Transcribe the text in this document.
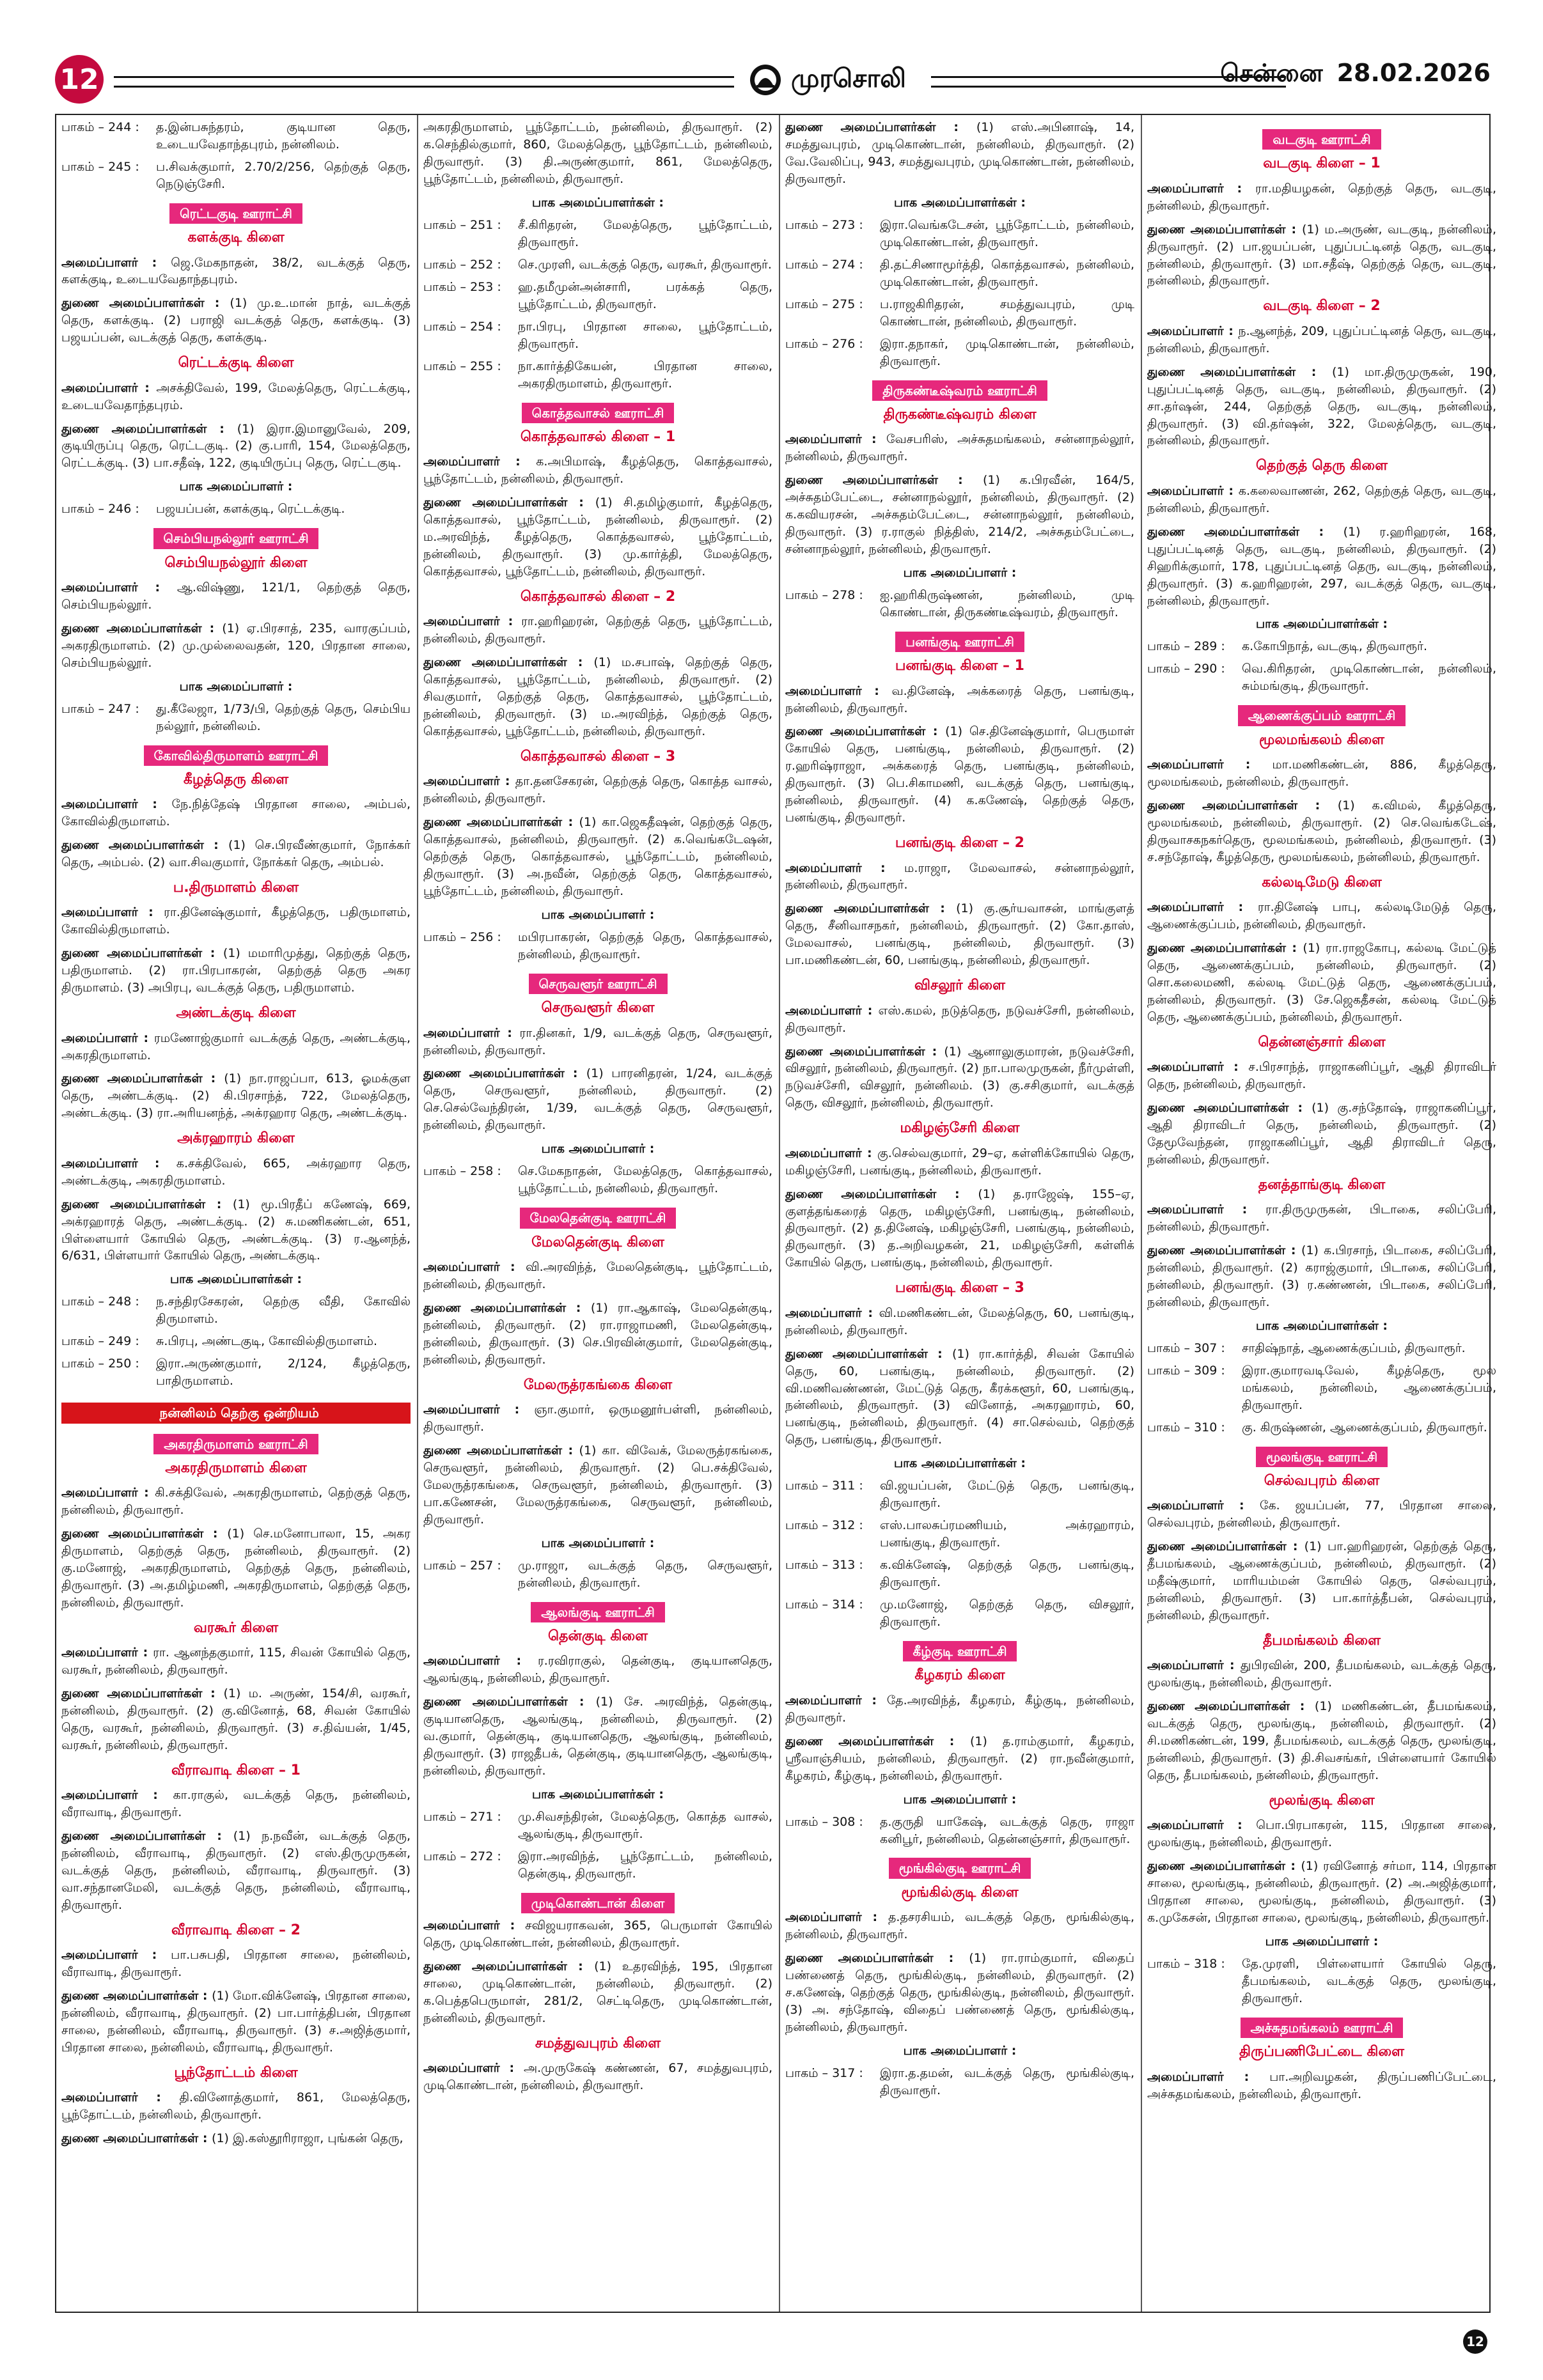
12	முரசொலி	சென்னை 28.02.2026
பாகம் – 244 :	த.இன்பசுந்தரம், குடியான தெரு, உடையவேதாந்தபுரம், நன்னிலம்.
பாகம் – 245 :	ப.சிவக்குமார், 2.70/2/256, தெற்குத் தெரு, நெடுஞ்சேரி.
ரெட்டகுடி ஊராட்சி
களக்குடி கிளை

அமைப்பாளர் :	ஜெ.மேகநாதன், 38/2, வடக்குத் தெரு, களக்குடி, உடையவேதாந்தபுரம்.

துணை அமைப்பாளர்கள் : (1) மு.உ.மான் நாத், வடக்குத் தெரு, களக்குடி. (2) பராஜி வடக்குத் தெரு, களக்குடி. (3) பஜயப்பன், வடக்குத் தெரு, களக்குடி.

ரெட்டக்குடி கிளை

அமைப்பாளர் : அசக்திவேல், 199, மேலத்தெரு, ரெட்டக்குடி, உடையவேதாந்தபுரம்.

துணை அமைப்பாளர்கள் : (1) இரா.இமானுவேல், 209, குடியிருப்பு தெரு, ரெட்டகுடி. (2) கு.பாரி, 154, மேலத்தெரு, ரெட்டக்குடி. (3) பா.சதீஷ், 122, குடியிருப்பு தெரு, ரெட்டகுடி.

பாக அமைப்பாளர் :
பாகம் – 246 :	பஜயப்பன், களக்குடி, ரெட்டக்குடி.
செம்பியநல்லூர் ஊராட்சி
செம்பியநல்லூர் கிளை

அமைப்பாளர் :	ஆ.விஷ்ணு, 121/1, தெற்குத் தெரு, செம்பியநல்லூர்.

துணை அமைப்பாளர்கள் : (1) ஏ.பிரசாத், 235, வாரகுப்பம், அகரதிருமாளம். (2) மு.முல்லைவதன், 120, பிரதான சாலை, செம்பியநல்லூர்.

பாக அமைப்பாளர் :
பாகம் – 247 :	து.கீலேஜா, 1/73/பி, தெற்குத் தெரு, செம்பிய நல்லூர், நன்னிலம்.
கோவில்திருமாளம் ஊராட்சி
கீழத்தெரு கிளை

அமைப்பாளர் :	நே.நித்தேஷ் பிரதான சாலை, அம்பல், கோவில்திருமாளம்.

துணை அமைப்பாளர்கள் : (1) செ.பிரவீண்குமார், நோக்கர் தெரு, அம்பல். (2) வா.சிவகுமார், நோக்கர் தெரு, அம்பல்.

ப.திருமாளம் கிளை

அமைப்பாளர் : ரா.தினேஷ்குமார், கீழத்தெரு, பதிருமாளம், கோவில்திருமாளம்.

துணை அமைப்பாளர்கள் : (1) மமாரிமுத்து, தெற்குத் தெரு, பதிருமாளம். (2) ரா.பிரபாகரன், தெற்குத் தெரு அகர திருமாளம். (3) அபிரபு, வடக்குத் தெரு, பதிருமாளம்.

அண்டக்குடி கிளை

அமைப்பாளர் : ரமணோஜ்குமார் வடக்குத் தெரு, அண்டக்குடி, அகரதிருமாளம்.

துணை அமைப்பாளர்கள் : (1) நா.ராஜப்பா, 613, ஓமக்குள தெரு, அண்டக்குடி. (2) கி.பிரசாந்த், 722, மேலத்தெரு, அண்டக்குடி. (3) ரா.அரியனந்த், அக்ரஹார தெரு, அண்டக்குடி.

அக்ரஹாரம் கிளை

அமைப்பாளர் :	க.சக்திவேல், 665, அக்ரஹார தெரு, அண்டக்குடி, அகரதிருமாளம்.

துணை அமைப்பாளர்கள் : (1) மூ.பிரதீப் கணேஷ், 669, அக்ரஹாரத் தெரு, அண்டக்குடி. (2) சு.மணிகண்டன், 651, பிள்ளையார் கோயில் தெரு, அண்டக்குடி. (3) ர.ஆனந்த், 6/631, பிள்ளயார் கோயில் தெரு, அண்டக்குடி.

பாக அமைப்பாளர்கள் :
பாகம் – 248 :	ந.சந்திரசேகரன், தெற்கு வீதி, கோவில் திருமாளம்.
பாகம் – 249 :	சு.பிரபு, அண்டகுடி, கோவில்திருமாளம்.
பாகம் – 250 :	இரா.அருண்குமார், 2/124, கீழத்தெரு, பாதிருமாளம்.
நன்னிலம் தெற்கு ஒன்றியம்
அகரதிருமாளம் ஊராட்சி
அகரதிருமாளம் கிளை

அமைப்பாளர் : கி.சக்திவேல், அகரதிருமாளம், தெற்குத் தெரு, நன்னிலம், திருவாரூர்.

துணை அமைப்பாளர்கள் : (1) செ.மனோபாலா, 15, அகர திருமாளம், தெற்குத் தெரு, நன்னிலம், திருவாரூர். (2) கு.மனோஜ், அகரதிருமாளம், தெற்குத் தெரு, நன்னிலம், திருவாரூர். (3) அ.தமிழ்மணி, அகரதிருமாளம், தெற்குத் தெரு, நன்னிலம், திருவாரூர்.

வரகூர் கிளை

அமைப்பாளர் : ரா. ஆனந்தகுமார், 115, சிவன் கோயில் தெரு, வரகூர், நன்னிலம், திருவாரூர்.

துணை அமைப்பாளர்கள் : (1) ம. அருண், 154/சி, வரகூர், நன்னிலம், திருவாரூர். (2) கு.வினோத், 68, சிவன் கோயில் தெரு, வரகூர், நன்னிலம், திருவாரூர். (3) ச.திவ்யன், 1/45, வரகூர், நன்னிலம், திருவாரூர்.

வீராவாடி கிளை – 1

அமைப்பாளர் :	கா.ராகுல், வடக்குத் தெரு, நன்னிலம், வீராவாடி, திருவாரூர்.

துணை அமைப்பாளர்கள் : (1) ந.நவீன், வடக்குத் தெரு, நன்னிலம், வீராவாடி, திருவாரூர். (2) எஸ்.திருமுருகன், வடக்குத் தெரு, நன்னிலம், வீராவாடி, திருவாரூர். (3) வா.சந்தானமேலி, வடக்குத் தெரு, நன்னிலம், வீராவாடி, திருவாரூர்.

வீராவாடி கிளை – 2

அமைப்பாளர் :	பா.பசுபதி, பிரதான சாலை, நன்னிலம், வீராவாடி, திருவாரூர்.

துணை அமைப்பாளர்கள் : (1) மோ.விக்னேஷ், பிரதான சாலை, நன்னிலம், வீராவாடி, திருவாரூர். (2) பா.பார்த்திபன், பிரதான சாலை, நன்னிலம், வீராவாடி, திருவாரூர். (3) ச.அஜித்குமார், பிரதான சாலை, நன்னிலம், வீராவாடி, திருவாரூர்.

பூந்தோட்டம் கிளை

அமைப்பாளர் :	தி.வினோத்குமார், 861, மேலத்தெரு, பூந்தோட்டம், நன்னிலம், திருவாரூர்.

துணை அமைப்பாளர்கள் : (1) இ.கஸ்தூரிராஜா, புங்கன் தெரு,

அகரதிருமாளம், பூந்தோட்டம், நன்னிலம், திருவாரூர். (2) க.செந்தில்குமார், 860, மேலத்தெரு, பூந்தோட்டம், நன்னிலம், திருவாரூர். (3) தி.அருண்குமார், 861, மேலத்தெரு, பூந்தோட்டம், நன்னிலம், திருவாரூர்.

பாக அமைப்பாளர்கள் :
பாகம் – 251 :	சீ.கிரிதரன், மேலத்தெரு, பூந்தோட்டம், திருவாரூர்.
பாகம் – 252 :	செ.முரளி, வடக்குத் தெரு, வரகூர், திருவாரூர்.
பாகம் – 253 :	ஹ.தமீமுன்அன்சாரி, பரக்கத் தெரு, பூந்தோட்டம், திருவாரூர்.
பாகம் – 254 :	நா.பிரபு, பிரதான சாலை, பூந்தோட்டம், திருவாரூர்.
பாகம் – 255 :	நா.கார்த்திகேயன், பிரதான சாலை, அகரதிருமாளம், திருவாரூர்.
கொத்தவாசல் ஊராட்சி
கொத்தவாசல் கிளை – 1

அமைப்பாளர் :	க.அபிமாஷ், கீழத்தெரு, கொத்தவாசல், பூந்தோட்டம், நன்னிலம், திருவாரூர்.

துணை அமைப்பாளர்கள் : (1) சி.தமிழ்குமார், கீழத்தெரு, கொத்தவாசல், பூந்தோட்டம், நன்னிலம், திருவாரூர். (2) ம.அரவிந்த், கீழத்தெரு, கொத்தவாசல், பூந்தோட்டம், நன்னிலம், திருவாரூர். (3) மு.கார்த்தி, மேலத்தெரு, கொத்தவாசல், பூந்தோட்டம், நன்னிலம், திருவாரூர்.

கொத்தவாசல் கிளை – 2

அமைப்பாளர் : ரா.ஹரிஹரன், தெற்குத் தெரு, பூந்தோட்டம், நன்னிலம், திருவாரூர்.

துணை அமைப்பாளர்கள் : (1) ம.சபாஷ், தெற்குத் தெரு, கொத்தவாசல், பூந்தோட்டம், நன்னிலம், திருவாரூர். (2) சிவகுமார், தெற்குத் தெரு, கொத்தவாசல், பூந்தோட்டம், நன்னிலம், திருவாரூர். (3) ம.அரவிந்த், தெற்குத் தெரு, கொத்தவாசல், பூந்தோட்டம், நன்னிலம், திருவாரூர்.

கொத்தவாசல் கிளை – 3

அமைப்பாளர் : தா.தனசேகரன், தெற்குத் தெரு, கொத்த வாசல், நன்னிலம், திருவாரூர்.

துணை அமைப்பாளர்கள் : (1) கா.ஜெகதீஷன், தெற்குத் தெரு, கொத்தவாசல், நன்னிலம், திருவாரூர். (2) க.வெங்கடேஷன், தெற்குத் தெரு, கொத்தவாசல், பூந்தோட்டம், நன்னிலம், திருவாரூர். (3) அ.நவீன், தெற்குத் தெரு, கொத்தவாசல், பூந்தோட்டம், நன்னிலம், திருவாரூர்.

பாக அமைப்பாளர் :
பாகம் – 256 :	மபிரபாகரன், தெற்குத் தெரு, கொத்தவாசல், நன்னிலம், திருவாரூர்.
செருவளூர் ஊராட்சி
செருவளூர் கிளை

அமைப்பாளர் : ரா.தினகர், 1/9, வடக்குத் தெரு, செருவளூர், நன்னிலம், திருவாரூர்.

துணை அமைப்பாளர்கள் : (1) பாரனிதரன், 1/24, வடக்குத் தெரு, செருவளூர், நன்னிலம், திருவாரூர். (2) செ.செல்வேந்திரன், 1/39, வடக்குத் தெரு, செருவளூர், நன்னிலம், திருவாரூர்.

பாக அமைப்பாளர் :
பாகம் – 258 :	செ.மேகநாதன், மேலத்தெரு, கொத்தவாசல், பூந்தோட்டம், நன்னிலம், திருவாரூர்.
மேலதென்குடி ஊராட்சி
மேலதென்குடி கிளை

அமைப்பாளர் : வி.அரவிந்த், மேலதென்குடி, பூந்தோட்டம், நன்னிலம், திருவாரூர்.

துணை அமைப்பாளர்கள் : (1) ரா.ஆகாஷ், மேலதென்குடி, நன்னிலம், திருவாரூர். (2) ரா.ராஜாமணி, மேலதென்குடி, நன்னிலம், திருவாரூர். (3) செ.பிரவின்குமார், மேலதென்குடி, நன்னிலம், திருவாரூர்.

மேலருத்ரகங்கை கிளை

அமைப்பாளர் :	ஞா.குமார், ஒருமனூர்பள்ளி, நன்னிலம், திருவாரூர்.

துணை அமைப்பாளர்கள் : (1) கா. விவேக், மேலருத்ரகங்கை, செருவளூர், நன்னிலம், திருவாரூர். (2) பெ.சக்திவேல், மேலருத்ரகங்கை, செருவளூர், நன்னிலம், திருவாரூர். (3) பா.கணேசன், மேலருத்ரகங்கை, செருவளூர், நன்னிலம், திருவாரூர்.

பாக அமைப்பாளர் :
பாகம் – 257 :	மு.ராஜா, வடக்குத் தெரு, செருவளூர், நன்னிலம், திருவாரூர்.
ஆலங்குடி ஊராட்சி
தென்குடி கிளை

அமைப்பாளர் :	ர.ரவிராகுல், தென்குடி, குடியானதெரு, ஆலங்குடி, நன்னிலம், திருவாரூர்.

துணை அமைப்பாளர்கள் : (1) சே. அரவிந்த், தென்குடி, குடியானதெரு, ஆலங்குடி, நன்னிலம், திருவாரூர். (2) வ.குமார், தென்குடி, குடியானதெரு, ஆலங்குடி, நன்னிலம், திருவாரூர். (3) ராஜதீபக், தென்குடி, குடியானதெரு, ஆலங்குடி, நன்னிலம், திருவாரூர்.

பாக அமைப்பாளர்கள் :
பாகம் – 271 :	மு.சிவசந்திரன், மேலத்தெரு, கொத்த வாசல், ஆலங்குடி, திருவாரூர்.
பாகம் – 272 :	இரா.அரவிந்த், பூந்தோட்டம், நன்னிலம், தென்குடி, திருவாரூர்.
முடிகொண்டான் கிளை

அமைப்பாளர் : சவிஜயராகவன், 365, பெருமாள் கோயில் தெரு, முடிகொண்டான், நன்னிலம், திருவாரூர்.

துணை அமைப்பாளர்கள் : (1) உதரவிந்த், 195, பிரதான சாலை, முடிகொண்டான், நன்னிலம், திருவாரூர். (2) க.பெத்தபெருமாள், 281/2, செட்டிதெரு, முடிகொண்டான், நன்னிலம், திருவாரூர்.

சமத்துவபுரம் கிளை

அமைப்பாளர் : அ.முருகேஷ் கண்ணன், 67, சமத்துவபுரம், முடிகொண்டான், நன்னிலம், திருவாரூர்.

துணை அமைப்பாளர்கள் :	(1) எஸ்.அபினாஷ், 14, சமத்துவபுரம், முடிகொண்டான், நன்னிலம், திருவாரூர். (2) வே.வேலிப்பு, 943, சமத்துவபுரம், முடிகொண்டான், நன்னிலம், திருவாரூர்.

பாக அமைப்பாளர்கள் :
பாகம் – 273 :	இரா.வெங்கடேசன், பூந்தோட்டம், நன்னிலம், முடிகொண்டான், திருவாரூர்.
பாகம் – 274 :	தி.தட்சிணாமூர்த்தி, கொத்தவாசல், நன்னிலம், முடிகொண்டான், திருவாரூர்.
பாகம் – 275 :	ப.ராஜகிரிதரன், சமத்துவபுரம், முடி கொண்டான், நன்னிலம், திருவாரூர்.
பாகம் – 276 :	இரா.தநாகர், முடிகொண்டான், நன்னிலம், திருவாரூர்.
திருகண்டீஷ்வரம் ஊராட்சி
திருகண்டீஷ்வரம் கிளை

அமைப்பாளர் : வேசபரிஸ், அச்சுதமங்கலம், சன்னாநல்லூர், நன்னிலம், திருவாரூர்.

துணை அமைப்பாளர்கள் :	(1) க.பிரவீன், 164/5, அச்சுதம்பேட்டை, சன்னாநல்லூர், நன்னிலம், திருவாரூர். (2) க.கவியரசன், அச்சுதம்பேட்டை, சன்னாநல்லூர், நன்னிலம், திருவாரூர். (3) ர.ராகுல் நித்திஸ், 214/2, அச்சுதம்பேட்டை, சன்னாநல்லூர், நன்னிலம், திருவாரூர்.

பாக அமைப்பாளர் :
பாகம் – 278 :	ஐ.ஹரிகிருஷ்ணன், நன்னிலம், முடி கொண்டான், திருகண்டீஷ்வரம், திருவாரூர்.
பனங்குடி ஊராட்சி
பனங்குடி கிளை – 1

அமைப்பாளர் : வ.தினேஷ், அக்கரைத் தெரு, பனங்குடி, நன்னிலம், திருவாரூர்.

துணை அமைப்பாளர்கள் : (1) செ.தினேஷ்குமார், பெருமாள் கோயில் தெரு, பனங்குடி, நன்னிலம், திருவாரூர். (2) ர.ஹரிஷ்ராஜா, அக்கரைத் தெரு, பனங்குடி, நன்னிலம், திருவாரூர். (3) பெ.சிகாமணி, வடக்குத் தெரு, பனங்குடி, நன்னிலம், திருவாரூர். (4) க.கணேஷ், தெற்குத் தெரு, பனங்குடி, திருவாரூர்.

பனங்குடி கிளை – 2

அமைப்பாளர் :	ம.ராஜா, மேலவாசல், சன்னாநல்லூர், நன்னிலம், திருவாரூர்.

துணை அமைப்பாளர்கள் : (1) கு.சூர்யவாசன், மாங்குளத் தெரு, சீனிவாசநகர், நன்னிலம், திருவாரூர். (2) கோ.தாஸ், மேலவாசல், பனங்குடி, நன்னிலம், திருவாரூர். (3) பா.மணிகண்டன், 60, பனங்குடி, நன்னிலம், திருவாரூர்.

விசலூர் கிளை

அமைப்பாளர் : எஸ்.கமல், நடுத்தெரு, நடுவச்சேரி, நன்னிலம், திருவாரூர்.

துணை அமைப்பாளர்கள் : (1) ஆனாலுகுமாரன், நடுவச்சேரி, விசலூர், நன்னிலம், திருவாரூர். (2) நா.பாலமுருகன், நீர்முள்ளி, நடுவச்சேரி, விசலூர், நன்னிலம். (3) கு.சசிகுமார், வடக்குத் தெரு, விசலூர், நன்னிலம், திருவாரூர்.

மகிழஞ்சேரி கிளை

அமைப்பாளர் : கு.செல்வகுமார், 29–ஏ, கள்ளிக்கோயில் தெரு, மகிழஞ்சேரி, பனங்குடி, நன்னிலம், திருவாரூர்.

துணை அமைப்பாளர்கள் :	(1) த.ராஜேஷ், 155–ஏ, குளத்தங்கரைத் தெரு, மகிழஞ்சேரி, பனங்குடி, நன்னிலம், திருவாரூர். (2) த.தினேஷ், மகிழஞ்சேரி, பனங்குடி, நன்னிலம், திருவாரூர். (3) த.அறிவழகன், 21, மகிழஞ்சேரி, கள்ளிக் கோயில் தெரு, பனங்குடி, நன்னிலம், திருவாரூர்.

பனங்குடி கிளை – 3

அமைப்பாளர் : வி.மணிகண்டன், மேலத்தெரு, 60, பனங்குடி, நன்னிலம், திருவாரூர்.

துணை அமைப்பாளர்கள் : (1) ரா.கார்த்தி, சிவன் கோயில் தெரு, 60, பனங்குடி, நன்னிலம், திருவாரூர். (2) வி.மணிவண்ணன், மேட்டுத் தெரு, கீரக்களூர், 60, பனங்குடி, நன்னிலம், திருவாரூர். (3) வினோத், அகரஹாரம், 60, பனங்குடி, நன்னிலம், திருவாரூர். (4) சா.செல்வம், தெற்குத் தெரு, பனங்குடி, திருவாரூர்.

பாக அமைப்பாளர்கள் :
பாகம் – 311 :	வி.ஜயப்பன், மேட்டுத் தெரு, பனங்குடி, திருவாரூர்.
பாகம் – 312 :	எஸ்.பாலசுப்ரமணியம், அக்ரஹாரம், பனங்குடி, திருவாரூர்.
பாகம் – 313 :	க.விக்னேஷ், தெற்குத் தெரு, பனங்குடி, திருவாரூர்.
பாகம் – 314 :	மு.மனோஜ், தெற்குத் தெரு, விசலூர், திருவாரூர்.
கீழ்குடி ஊராட்சி
கீழகரம் கிளை

அமைப்பாளர் : தே.அரவிந்த், கீழகரம், கீழ்குடி, நன்னிலம், திருவாரூர்.

துணை அமைப்பாளர்கள் :	(1) த.ராம்குமார், கீழகரம், ஸ்ரீவாஞ்சியம், நன்னிலம், திருவாரூர். (2) ரா.நவீன்குமார், கீழகரம், கீழ்குடி, நன்னிலம், திருவாரூர்.

பாக அமைப்பாளர் :
பாகம் – 308 :	த.குருதி யாகேஷ், வடக்குத் தெரு, ராஜா கனிபூர், நன்னிலம், தென்னஞ்சார், திருவாரூர்.
மூங்கில்குடி ஊராட்சி
மூங்கில்குடி கிளை

அமைப்பாளர் : த.தசரசியம், வடக்குத் தெரு, மூங்கில்குடி, நன்னிலம், திருவாரூர்.

துணை அமைப்பாளர்கள் :	(1) ரா.ராம்குமார், விதைப் பண்ணைத் தெரு, மூங்கில்குடி, நன்னிலம், திருவாரூர். (2) ச.கணேஷ், தெற்குத் தெரு, மூங்கில்குடி, நன்னிலம், திருவாரூர். (3) அ. சந்தோஷ், விதைப் பண்ணைத் தெரு, மூங்கில்குடி, நன்னிலம், திருவாரூர்.

பாக அமைப்பாளர் :
பாகம் – 317 :	இரா.த.தமன், வடக்குத் தெரு, மூங்கில்குடி, திருவாரூர்.
வடகுடி ஊராட்சி
வடகுடி கிளை – 1

அமைப்பாளர் :	ரா.மதியழகன், தெற்குத் தெரு, வடகுடி, நன்னிலம், திருவாரூர்.

துணை அமைப்பாளர்கள் : (1) ம.அருண், வடகுடி, நன்னிலம், திருவாரூர். (2) பா.ஜயப்பன், புதுப்பட்டினத் தெரு, வடகுடி, நன்னிலம், திருவாரூர். (3) மா.சதீஷ், தெற்குத் தெரு, வடகுடி, நன்னிலம், திருவாரூர்.

வடகுடி கிளை – 2

அமைப்பாளர் : ந.ஆனந்த், 209, புதுப்பட்டினத் தெரு, வடகுடி, நன்னிலம், திருவாரூர்.

துணை அமைப்பாளர்கள் :	(1) மா.திருமுருகன், 190, புதுப்பட்டினத் தெரு, வடகுடி, நன்னிலம், திருவாரூர். (2) சா.தர்ஷன், 244, தெற்குத் தெரு, வடகுடி, நன்னிலம், திருவாரூர். (3) வி.தர்ஷன், 322, மேலத்தெரு, வடகுடி, நன்னிலம், திருவாரூர்.

தெற்குத் தெரு கிளை

அமைப்பாளர் : க.கலைவாணன், 262, தெற்குத் தெரு, வடகுடி, நன்னிலம், திருவாரூர்.

துணை அமைப்பாளர்கள் :	(1) ர.ஹரிஹரன், 168, புதுப்பட்டினத் தெரு, வடகுடி, நன்னிலம், திருவாரூர். (2) சிஹரிக்குமார், 178, புதுப்பட்டினத் தெரு, வடகுடி, நன்னிலம், திருவாரூர். (3) க.ஹரிஹரன், 297, வடக்குத் தெரு, வடகுடி, நன்னிலம், திருவாரூர்.

பாக அமைப்பாளர்கள் :
பாகம் – 289 :	க.கோபிநாத், வடகுடி, திருவாரூர்.
பாகம் – 290 :	வெ.கிரிதரன், முடிகொண்டான், நன்னிலம், சும்மங்குடி, திருவாரூர்.
ஆணைக்குப்பம் ஊராட்சி
மூலமங்கலம் கிளை

அமைப்பாளர் :	மா.மணிகண்டன், 886, கீழத்தெரு, மூலமங்கலம், நன்னிலம், திருவாரூர்.

துணை அமைப்பாளர்கள் :	(1) க.விமல், கீழத்தெரு, மூலமங்கலம், நன்னிலம், திருவாரூர். (2) செ.வெங்கடேஷ், திருவாசகநகர்தெரு, மூலமங்கலம், நன்னிலம், திருவாரூர். (3) ச.சந்தோஷ், கீழத்தெரு, மூலமங்கலம், நன்னிலம், திருவாரூர்.

கல்லடிமேடு கிளை

அமைப்பாளர் :	ரா.தினேஷ் பாபு, கல்லடிமேடுத் தெரு, ஆணைக்குப்பம், நன்னிலம், திருவாரூர்.

துணை அமைப்பாளர்கள் : (1) ரா.ராஜகோபு, கல்லடி மேட்டுத் தெரு, ஆணைக்குப்பம், நன்னிலம், திருவாரூர். (2) சொ.கலைமணி, கல்லடி மேட்டுத் தெரு, ஆணைக்குப்பம், நன்னிலம், திருவாரூர். (3) சே.ஜெகதீசன், கல்லடி மேட்டுத் தெரு, ஆணைக்குப்பம், நன்னிலம், திருவாரூர்.

தென்னஞ்சார் கிளை

அமைப்பாளர் : ச.பிரசாந்த், ராஜாகனிப்பூர், ஆதி திராவிடர் தெரு, நன்னிலம், திருவாரூர்.

துணை அமைப்பாளர்கள் : (1) கு.சந்தோஷ், ராஜாகனிப்பூர், ஆதி திராவிடர் தெரு, நன்னிலம், திருவாரூர். (2) தேமூவேந்தன், ராஜாகனிப்பூர், ஆதி திராவிடர் தெரு, நன்னிலம், திருவாரூர்.

தனத்தாங்குடி கிளை

அமைப்பாளர் :	ரா.திருமுருகன், பிடாகை, சலிப்பேரி, நன்னிலம், திருவாரூர்.

துணை அமைப்பாளர்கள் : (1) க.பிரசாந், பிடாகை, சலிப்பேரி, நன்னிலம், திருவாரூர். (2) கராஜ்குமார், பிடாகை, சலிப்பேரி, நன்னிலம், திருவாரூர். (3) ர.கண்ணன், பிடாகை, சலிப்பேரி, நன்னிலம், திருவாரூர்.

பாக அமைப்பாளர்கள் :
பாகம் – 307 :	சாதிஷ்நாத், ஆணைக்குப்பம், திருவாரூர்.
பாகம் – 309 :	இரா.குமாரவடிவேல், கீழத்தெரு, மூல மங்கலம், நன்னிலம், ஆணைக்குப்பம், திருவாரூர்.
பாகம் – 310 :	கு. கிருஷ்ணன், ஆணைக்குப்பம், திருவாரூர்.
மூலங்குடி ஊராட்சி
செல்வபுரம் கிளை

அமைப்பாளர் :	கே. ஜயப்பன், 77, பிரதான சாலை, செல்வபுரம், நன்னிலம், திருவாரூர்.

துணை அமைப்பாளர்கள் : (1) பா.ஹரிஹரன், தெற்குத் தெரு, தீபமங்கலம், ஆணைக்குப்பம், நன்னிலம், திருவாரூர். (2) மதீஷ்குமார், மாரியம்மன் கோயில் தெரு, செல்வபுரம், நன்னிலம், திருவாரூர். (3) பா.கார்த்தீபன், செல்வபுரம், நன்னிலம், திருவாரூர்.

தீபமங்கலம் கிளை

அமைப்பாளர் : துபிரவின், 200, தீபமங்கலம், வடக்குத் தெரு, மூலங்குடி, நன்னிலம், திருவாரூர்.

துணை அமைப்பாளர்கள் : (1) மணிகண்டன், தீபமங்கலம், வடக்குத் தெரு, மூலங்குடி, நன்னிலம், திருவாரூர். (2) சி.மணிகண்டன், 199, தீபமங்கலம், வடக்குத் தெரு, மூலங்குடி, நன்னிலம், திருவாரூர். (3) தி.சிவசங்கர், பிள்ளையார் கோயில் தெரு, தீபமங்கலம், நன்னிலம், திருவாரூர்.

மூலங்குடி கிளை

அமைப்பாளர் :	பொ.பிரபாகரன், 115, பிரதான சாலை, மூலங்குடி, நன்னிலம், திருவாரூர்.

துணை அமைப்பாளர்கள் : (1) ரவினோத் சர்மா, 114, பிரதான சாலை, மூலங்குடி, நன்னிலம், திருவாரூர். (2) அ.அஜித்குமார், பிரதான சாலை, மூலங்குடி, நன்னிலம், திருவாரூர். (3) க.முகேசன், பிரதான சாலை, மூலங்குடி, நன்னிலம், திருவாரூர்.

பாக அமைப்பாளர் :
பாகம் – 318 :	தே.முரளி, பிள்ளையார் கோயில் தெரு, தீபமங்கலம், வடக்குத் தெரு, மூலங்குடி, திருவாரூர்.
அச்சுதமங்கலம் ஊராட்சி
திருப்பணிபேட்டை கிளை

அமைப்பாளர் :	பா.அறிவழகன், திருப்பணிப்பேட்டை, அச்சுதமங்கலம், நன்னிலம், திருவாரூர்.

12
